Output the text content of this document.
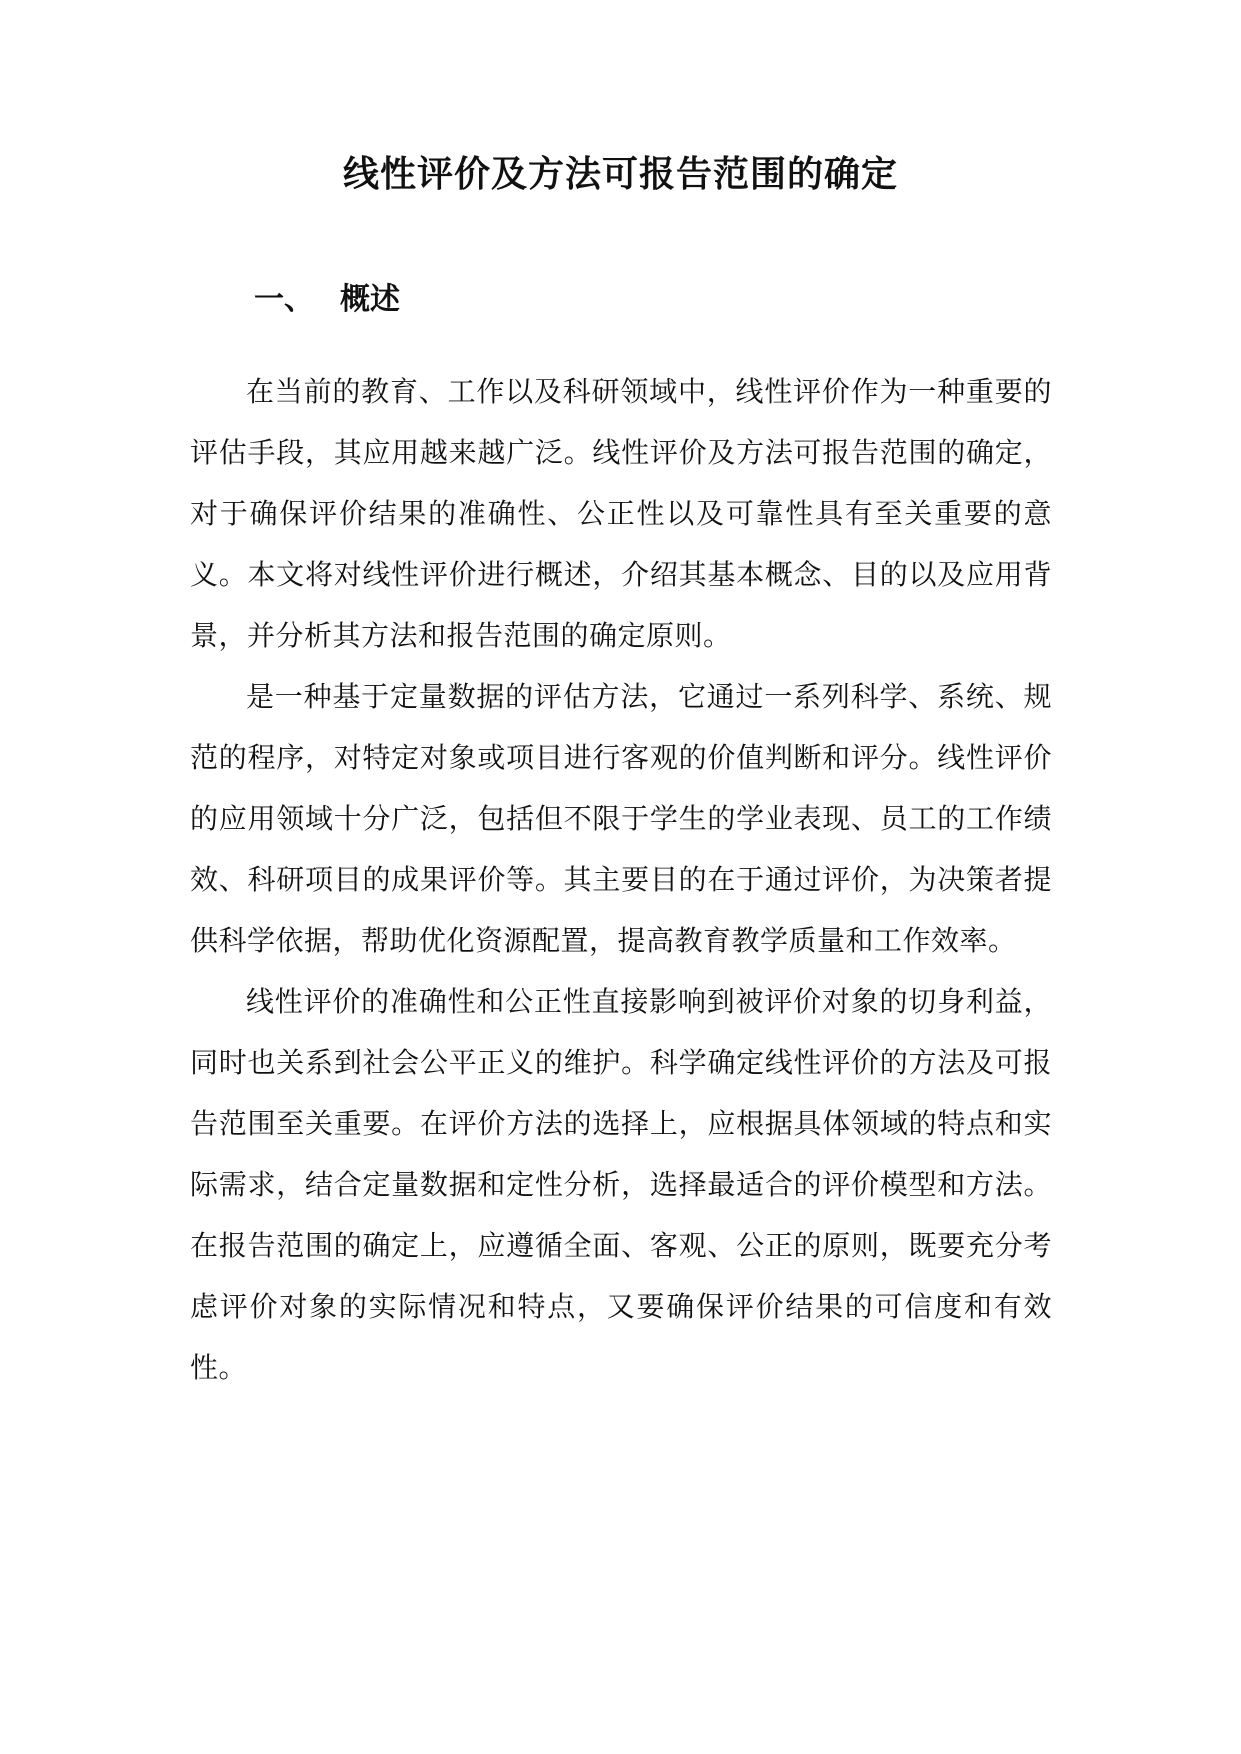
线性评价及方法可报告范围的确定
一、 概述

在当前的教育、工作以及科研领域中，线性评价作为一种重要的评估手段，其应用越来越广泛。线性评价及方法可报告范围的确定，对于确保评价结果的准确性、公正性以及可靠性具有至关重要的意义。本文将对线性评价进行概述，介绍其基本概念、目的以及应用背景，并分析其方法和报告范围的确定原则。

是一种基于定量数据的评估方法，它通过一系列科学、系统、规范的程序，对特定对象或项目进行客观的价值判断和评分。线性评价的应用领域十分广泛，包括但不限于学生的学业表现、员工的工作绩效、科研项目的成果评价等。其主要目的在于通过评价，为决策者提供科学依据，帮助优化资源配置，提高教育教学质量和工作效率。

线性评价的准确性和公正性直接影响到被评价对象的切身利益，同时也关系到社会公平正义的维护。科学确定线性评价的方法及可报告范围至关重要。在评价方法的选择上，应根据具体领域的特点和实际需求，结合定量数据和定性分析，选择最适合的评价模型和方法。在报告范围的确定上，应遵循全面、客观、公正的原则，既要充分考虑评价对象的实际情况和特点，又要确保评价结果的可信度和有效性。
